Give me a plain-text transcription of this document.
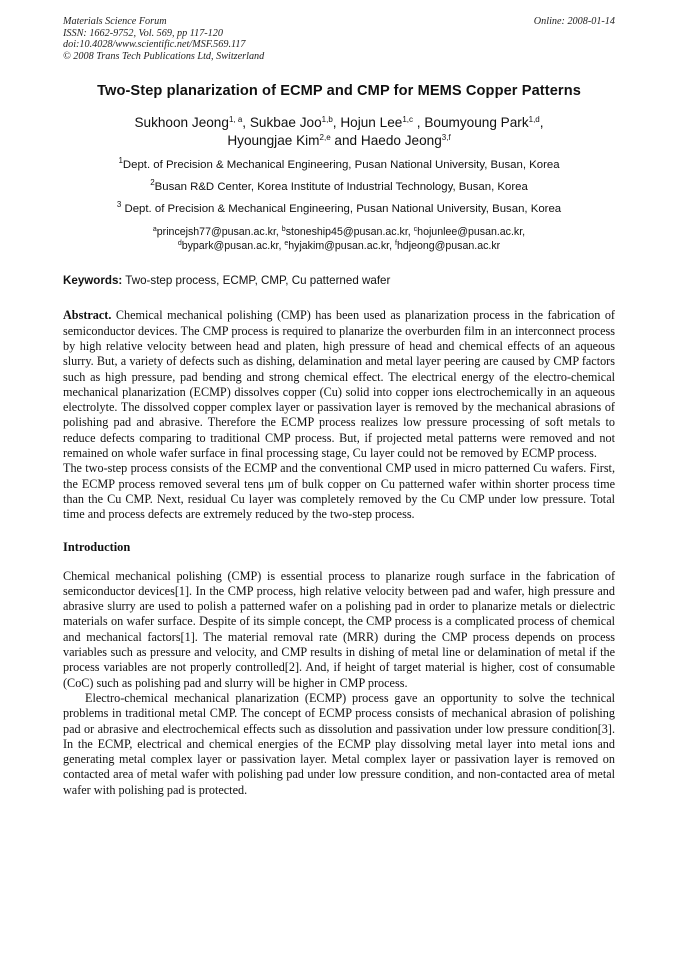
Materials Science Forum
ISSN: 1662-9752, Vol. 569, pp 117-120
doi:10.4028/www.scientific.net/MSF.569.117
© 2008 Trans Tech Publications Ltd, Switzerland
Online: 2008-01-14
Two-Step planarization of ECMP and CMP for MEMS Copper Patterns
Sukhoon Jeong$^{1, a}$, Sukbae Joo$^{1,b}$, Hojun Lee$^{1,c}$ , Boumyoung Park$^{1,d}$,
Hyoungjae Kim$^{2,e}$ and Haedo Jeong$^{3,f}$
$^1$Dept. of Precision & Mechanical Engineering, Pusan National University, Busan, Korea
$^2$Busan R&D Center, Korea Institute of Industrial Technology, Busan, Korea
$^3$ Dept. of Precision & Mechanical Engineering, Pusan National University, Busan, Korea
$^a$princejsh77@pusan.ac.kr, $^b$stoneship45@pusan.ac.kr, $^c$hojunlee@pusan.ac.kr,
$^d$bypark@pusan.ac.kr, $^e$hyjakim@pusan.ac.kr, $^f$hdjeong@pusan.ac.kr
Keywords: Two-step process, ECMP, CMP, Cu patterned wafer

Abstract. Chemical mechanical polishing (CMP) has been used as planarization process in the fabrication of semiconductor devices. The CMP process is required to planarize the overburden film in an interconnect process by high relative velocity between head and platen, high pressure of head and chemical effects of an aqueous slurry. But, a variety of defects such as dishing, delamination and metal layer peering are caused by CMP factors such as high pressure, pad bending and strong chemical effect. The electrical energy of the electro-chemical mechanical planarization (ECMP) dissolves copper (Cu) solid into copper ions electrochemically in an aqueous electrolyte. The dissolved copper complex layer or passivation layer is removed by the mechanical abrasions of polishing pad and abrasive. Therefore the ECMP process realizes low pressure processing of soft metals to reduce defects comparing to traditional CMP process. But, if projected metal patterns were removed and not remained on whole wafer surface in final processing stage, Cu layer could not be removed by ECMP process.

The two-step process consists of the ECMP and the conventional CMP used in micro patterned Cu wafers. First, the ECMP process removed several tens μm of bulk copper on Cu patterned wafer within shorter process time than the Cu CMP. Next, residual Cu layer was completely removed by the Cu CMP under low pressure. Total time and process defects are extremely reduced by the two-step process.

Introduction

Chemical mechanical polishing (CMP) is essential process to planarize rough surface in the fabrication of semiconductor devices[1]. In the CMP process, high relative velocity between pad and wafer, high pressure and abrasive slurry are used to polish a patterned wafer on a polishing pad in order to planarize metals or dielectric materials on wafer surface. Despite of its simple concept, the CMP process is a complicated process of chemical and mechanical factors[1]. The material removal rate (MRR) during the CMP process depends on process variables such as pressure and velocity, and CMP results in dishing of metal line or delamination of metal if the process variables are not properly controlled[2]. And, if height of target material is higher, cost of consumable (CoC) such as polishing pad and slurry will be higher in CMP process.

Electro-chemical mechanical planarization (ECMP) process gave an opportunity to solve the technical problems in traditional metal CMP. The concept of ECMP process consists of mechanical abrasion of polishing pad or abrasive and electrochemical effects such as dissolution and passivation under low pressure condition[3]. In the ECMP, electrical and chemical energies of the ECMP play dissolving metal layer into metal ions and generating metal complex layer or passivation layer. Metal complex layer or passivation layer is removed on contacted area of metal wafer with polishing pad under low pressure condition, and non-contacted area of metal wafer with polishing pad is protected.
